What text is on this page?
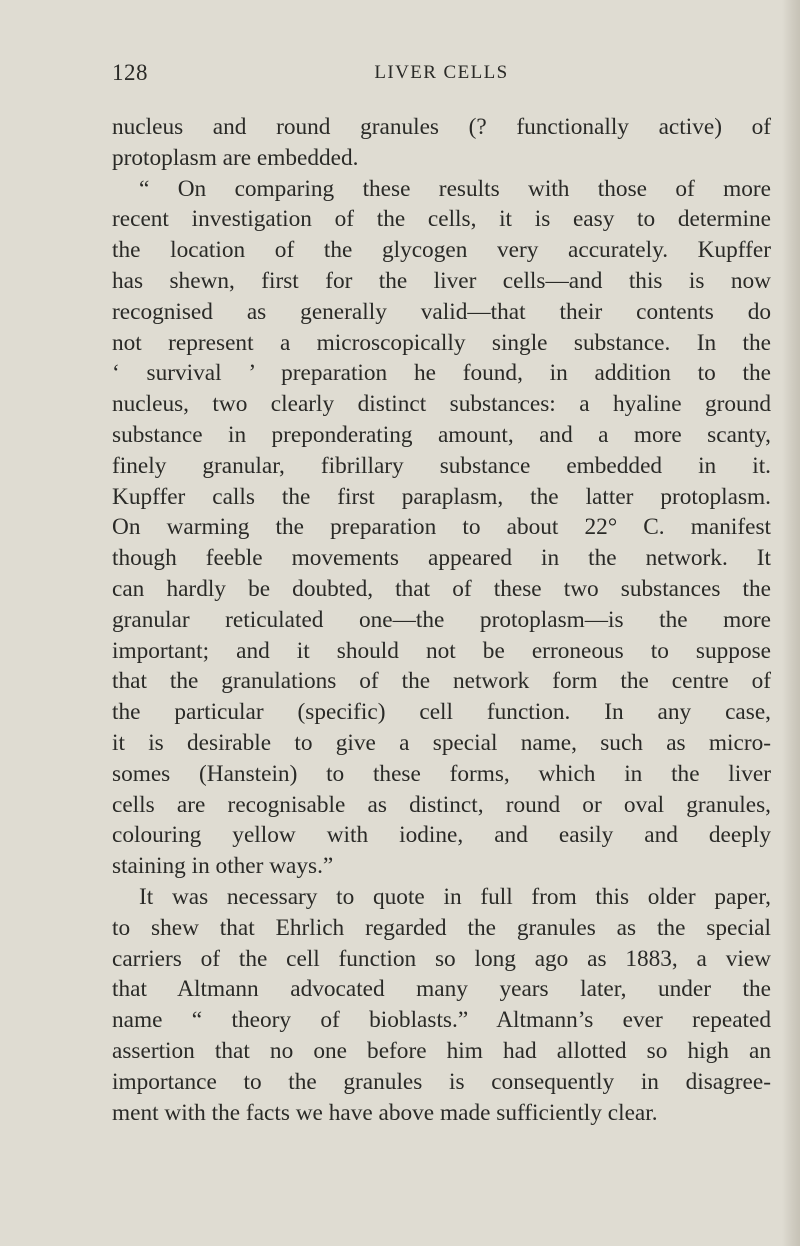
128	LIVER CELLS
nucleus and round granules (? functionally active) of
protoplasm are embedded.
“ On comparing these results with those of more
recent investigation of the cells, it is easy to determine
the location of the glycogen very accurately. Kupffer
has shewn, first for the liver cells—and this is now
recognised as generally valid—that their contents do
not represent a microscopically single substance. In the
‘ survival ’ preparation he found, in addition to the
nucleus, two clearly distinct substances: a hyaline ground
substance in preponderating amount, and a more scanty,
finely granular, fibrillary substance embedded in it.
Kupffer calls the first paraplasm, the latter protoplasm.
On warming the preparation to about 22° C. manifest
though feeble movements appeared in the network. It
can hardly be doubted, that of these two substances the
granular reticulated one—the protoplasm—is the more
important; and it should not be erroneous to suppose
that the granulations of the network form the centre of
the particular (specific) cell function. In any case,
it is desirable to give a special name, such as micro-
somes (Hanstein) to these forms, which in the liver
cells are recognisable as distinct, round or oval granules,
colouring yellow with iodine, and easily and deeply
staining in other ways.”
It was necessary to quote in full from this older paper,
to shew that Ehrlich regarded the granules as the special
carriers of the cell function so long ago as 1883, a view
that Altmann advocated many years later, under the
name “ theory of bioblasts.” Altmann’s ever repeated
assertion that no one before him had allotted so high an
importance to the granules is consequently in disagree-
ment with the facts we have above made sufficiently clear.
